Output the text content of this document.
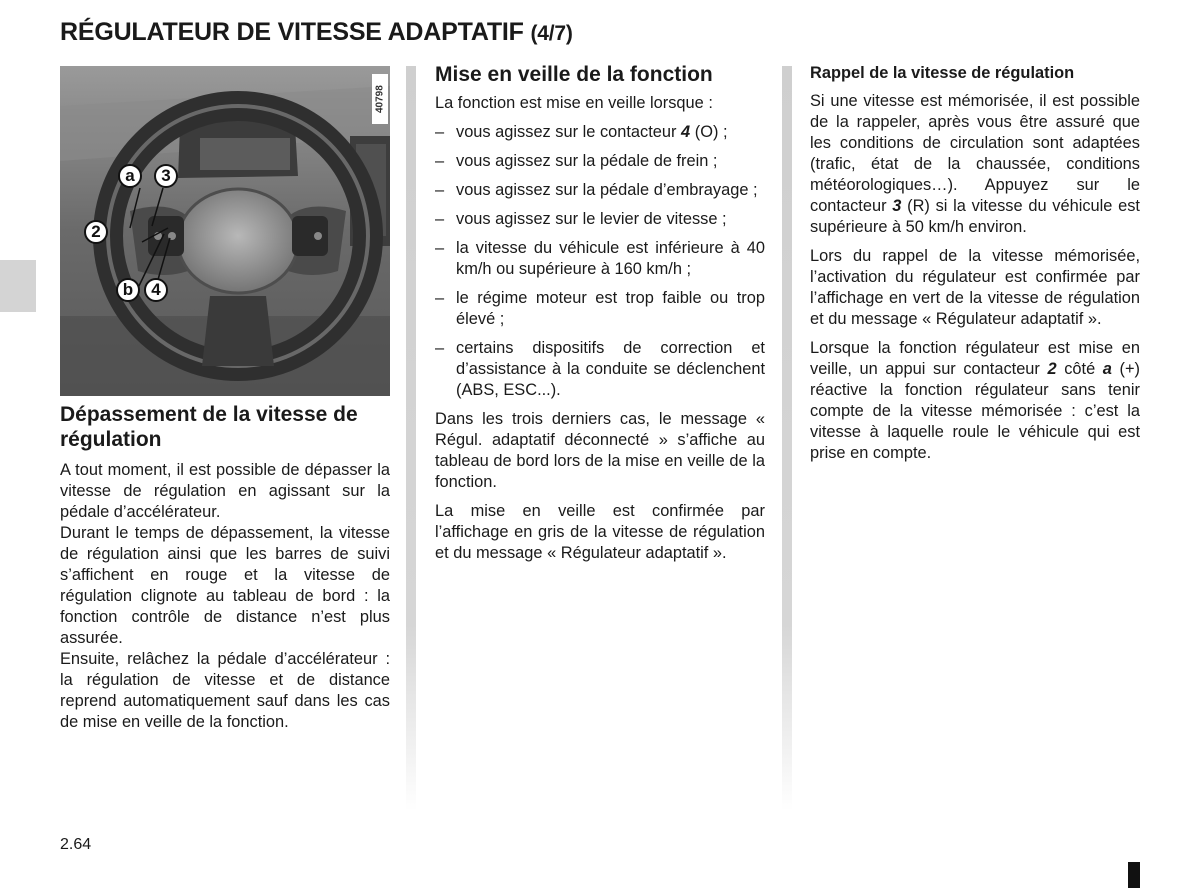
RÉGULATEUR DE VITESSE ADAPTATIF (4/7)
40798
a	3
2
b	4
Dépassement de la vitesse de régulation

A tout moment, il est possible de dépasser la vitesse de régulation en agissant sur la pédale d’accélérateur.

Durant le temps de dépassement, la vitesse de régulation ainsi que les barres de suivi s’affichent en rouge et la vitesse de régulation clignote au tableau de bord : la fonction contrôle de distance n’est plus assurée.

Ensuite, relâchez la pédale d’accélérateur : la régulation de vitesse et de distance reprend automatiquement sauf dans les cas de mise en veille de la fonction.

Mise en veille de la fonction

La fonction est mise en veille lorsque :

– vous agissez sur le contacteur 4 (O) ;
– vous agissez sur la pédale de frein ;
– vous agissez sur la pédale d’embrayage ;
– vous agissez sur le levier de vitesse ;
– la vitesse du véhicule est inférieure à 40 km/h ou supérieure à 160 km/h ;
– le régime moteur est trop faible ou trop élevé ;
– certains dispositifs de correction et d’assistance à la conduite se déclenchent (ABS, ESC...).

Dans les trois derniers cas, le message « Régul. adaptatif déconnecté » s’affiche au tableau de bord lors de la mise en veille de la fonction.

La mise en veille est confirmée par l’affichage en gris de la vitesse de régulation et du message « Régulateur adaptatif ».

Rappel de la vitesse de régulation

Si une vitesse est mémorisée, il est possible de la rappeler, après vous être assuré que les conditions de circulation sont adaptées (trafic, état de la chaussée, conditions météorologiques…). Appuyez sur le contacteur 3 (R) si la vitesse du véhicule est supérieure à 50 km/h environ.

Lors du rappel de la vitesse mémorisée, l’activation du régulateur est confirmée par l’affichage en vert de la vitesse de régulation et du message « Régulateur adaptatif ».

Lorsque la fonction régulateur est mise en veille, un appui sur contacteur 2 côté a (+) réactive la fonction régulateur sans tenir compte de la vitesse mémorisée : c’est la vitesse à laquelle roule le véhicule qui est prise en compte.

2.64
